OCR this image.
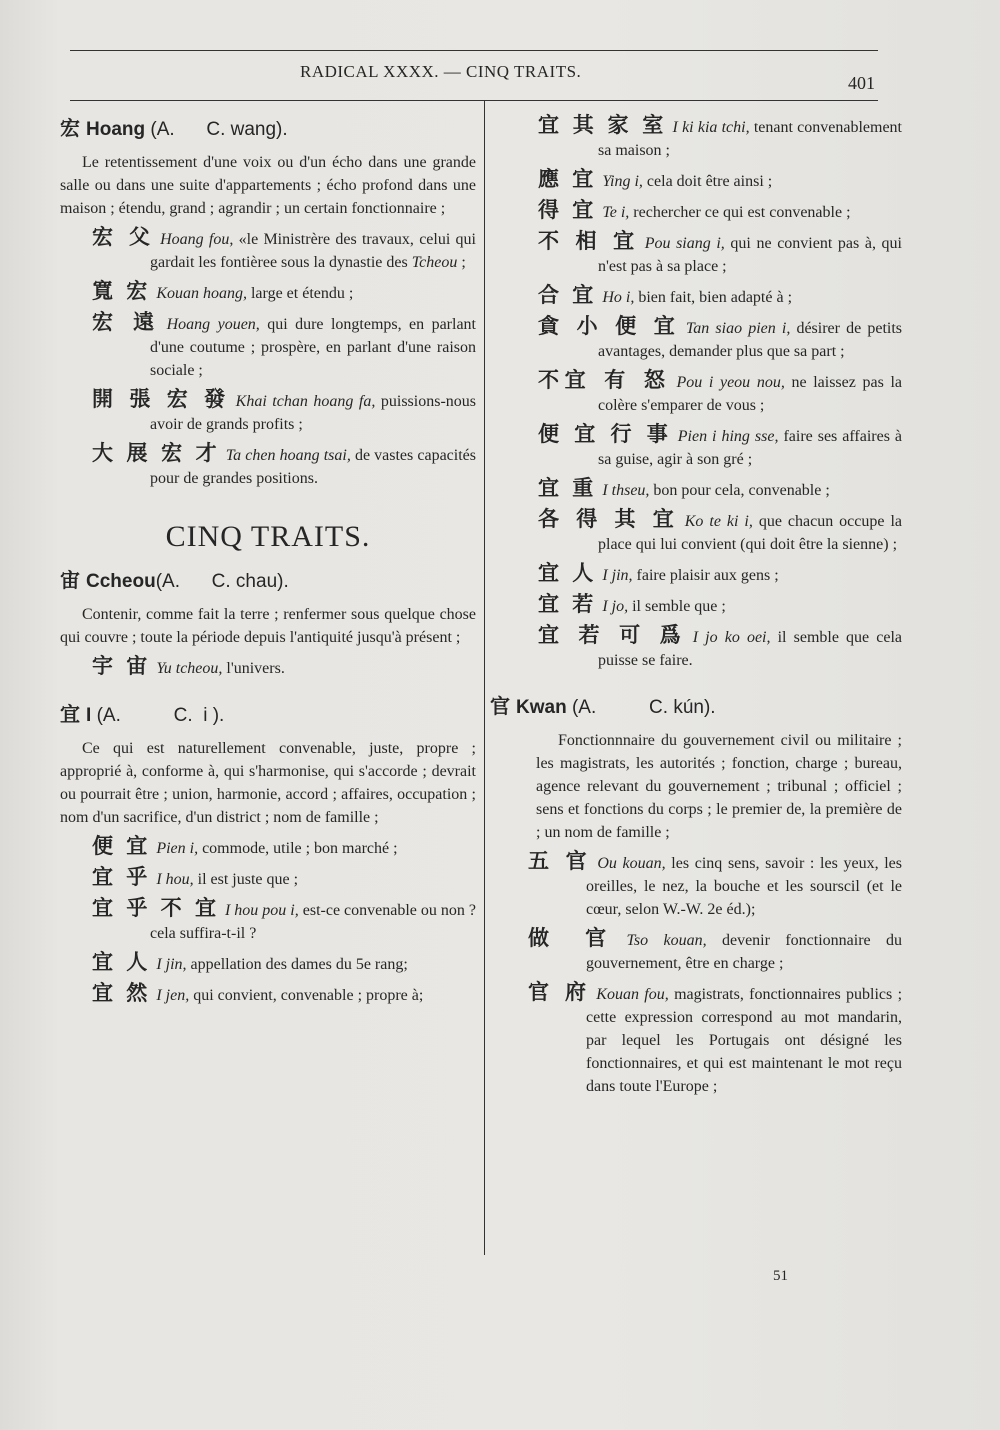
RADICAL XXXX. — CINQ TRAITS.
401
宏 Hoang (A. C. wang).

Le retentissement d'une voix ou d'un écho dans une grande salle ou dans une suite d'appartements ; écho profond dans une maison ; étendu, grand ; agrandir ; un certain fonctionnaire ;

宏 父 Hoang fou, «le Ministrère des travaux, celui qui gardait les fontièree sous la dynastie des Tcheou ;
寬 宏 Kouan hoang, large et étendu ;
宏 遠 Hoang youen, qui dure longtemps, en parlant d'une coutume ; prospère, en parlant d'une raison sociale ;
開 張 宏 發 Khai tchan hoang fa, puissions-nous avoir de grands profits ;
大 展 宏 才 Ta chen hoang tsai, de vastes capacités pour de grandes positions.
CINQ TRAITS.
宙 Ccheou(A. C. chau).

Contenir, comme fait la terre ; renfermer sous quelque chose qui couvre ; toute la période depuis l'antiquité jusqu'à présent ;

宇 宙 Yu tcheou, l'univers.
宜 I (A.	C.  i ).

Ce qui est naturellement convenable, juste, propre ; approprié à, conforme à, qui s'harmonise, qui s'accorde ; devrait ou pourrait être ; union, harmonie, accord ; affaires, occupation ; nom d'un sacrifice, d'un district ; nom de famille ;

便 宜 Pien i, commode, utile ; bon marché ;
宜 乎 I hou, il est juste que ;
宜 乎 不 宜 I hou pou i, est-ce convenable ou non ? cela suffira-t-il ?
宜 人 I jin, appellation des dames du 5e rang;
宜 然 I jen, qui convient, convenable ; propre à;
宜 其 家 室 I ki kia tchi, tenant convenablement sa maison ;
應 宜 Ying i, cela doit être ainsi ;
得 宜 Te i, rechercher ce qui est convenable ;
不 相 宜 Pou siang i, qui ne convient pas à, qui n'est pas à sa place ;
合 宜 Ho i, bien fait, bien adapté à ;
貪 小 便 宜 Tan siao pien i, désirer de petits avantages, demander plus que sa part ;
不宜 有 怒 Pou i yeou nou, ne laissez pas la colère s'emparer de vous ;
便 宜 行 事 Pien i hing sse, faire ses affaires à sa guise, agir à son gré ;
宜 重 I thseu, bon pour cela, convenable ;
各 得 其 宜 Ko te ki i, que chacun occupe la place qui lui convient (qui doit être la sienne) ;
宜 人 I jin, faire plaisir aux gens ;
宜 若 I jo, il semble que ;
宜 若 可 爲 I jo ko oei, il semble que cela puisse se faire.
官 Kwan (A.	C. kún).

Fonctionnnaire du gouvernement civil ou militaire ; les magistrats, les autorités ; fonction, charge ; bureau, agence relevant du gouvernement ; tribunal ; officiel ; sens et fonctions du corps ; le premier de, la première de ; un nom de famille ;

五 官 Ou kouan, les cinq sens, savoir : les yeux, les oreilles, le nez, la bouche et les sourscil (et le cœur, selon W.-W. 2e éd.);
做 官 Tso kouan, devenir fonctionnaire du gouvernement, être en charge ;
官 府 Kouan fou, magistrats, fonctionnaires publics ; cette expression correspond au mot mandarin, par lequel les Portugais ont désigné les fonctionnaires, et qui est maintenant le mot reçu dans toute l'Europe ;
51
